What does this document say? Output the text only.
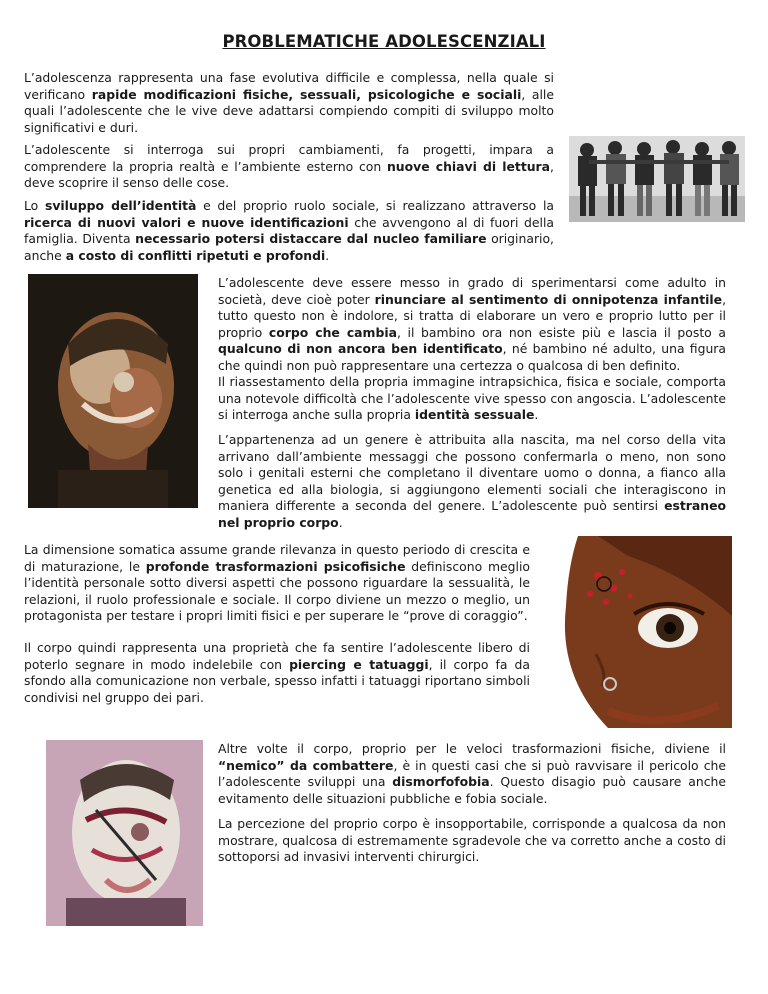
PROBLEMATICHE ADOLESCENZIALI

L’adolescenza rappresenta una fase evolutiva difficile e complessa, nella quale si verificano rapide modificazioni fisiche, sessuali, psicologiche e sociali, alle quali l’adolescente che le vive deve adattarsi compiendo compiti di sviluppo molto significativi e duri.

L’adolescente si interroga sui propri cambiamenti, fa progetti, impara a comprendere la propria realtà e l’ambiente esterno con nuove chiavi di lettura, deve scoprire il senso delle cose.

Lo sviluppo dell’identità e del proprio ruolo sociale, si realizzano attraverso la ricerca di nuovi valori e nuove identificazioni che avvengono al di fuori della famiglia. Diventa necessario potersi distaccare dal nucleo familiare originario, anche a costo di conflitti ripetuti e profondi.

L’adolescente deve essere messo in grado di sperimentarsi come adulto in società, deve cioè poter rinunciare al sentimento di onnipotenza infantile, tutto questo non è indolore, si tratta di elaborare un vero e proprio lutto per il proprio corpo che cambia, il bambino ora non esiste più e lascia il posto a qualcuno di non ancora ben identificato, né bambino né adulto, una figura che quindi non può rappresentare una certezza o qualcosa di ben definito.

Il riassestamento della propria immagine intrapsichica, fisica e sociale, comporta una notevole difficoltà che l’adolescente vive spesso con angoscia. L’adolescente si interroga anche sulla propria identità sessuale.

L’appartenenza ad un genere è attribuita alla nascita, ma nel corso della vita arrivano dall’ambiente messaggi che possono confermarla o meno, non sono solo i genitali esterni che completano il diventare uomo o donna, a fianco alla genetica ed alla biologia, si aggiungono elementi sociali che interagiscono in maniera differente a seconda del genere. L’adolescente può sentirsi estraneo nel proprio corpo.

La dimensione somatica assume grande rilevanza in questo periodo di crescita e di maturazione, le profonde trasformazioni psicofisiche definiscono meglio l’identità personale sotto diversi aspetti che possono riguardare la sessualità, le relazioni, il ruolo professionale e sociale. Il corpo diviene un mezzo o meglio, un protagonista per testare i propri limiti fisici e per superare le “prove di coraggio”.

Il corpo quindi rappresenta una proprietà che fa sentire l’adolescente libero di poterlo segnare in modo indelebile con piercing e tatuaggi, il corpo fa da sfondo alla comunicazione non verbale, spesso infatti i tatuaggi riportano simboli condivisi nel gruppo dei pari.

Altre volte il corpo, proprio per le veloci trasformazioni fisiche, diviene il “nemico” da combattere, è in questi casi che si può ravvisare il pericolo che l’adolescente sviluppi una dismorfofobia. Questo disagio può causare anche evitamento delle situazioni pubbliche e fobia sociale.

La percezione del proprio corpo è insopportabile, corrisponde a qualcosa da non mostrare, qualcosa di estremamente sgradevole che va corretto anche a costo di sottoporsi ad invasivi interventi chirurgici.
